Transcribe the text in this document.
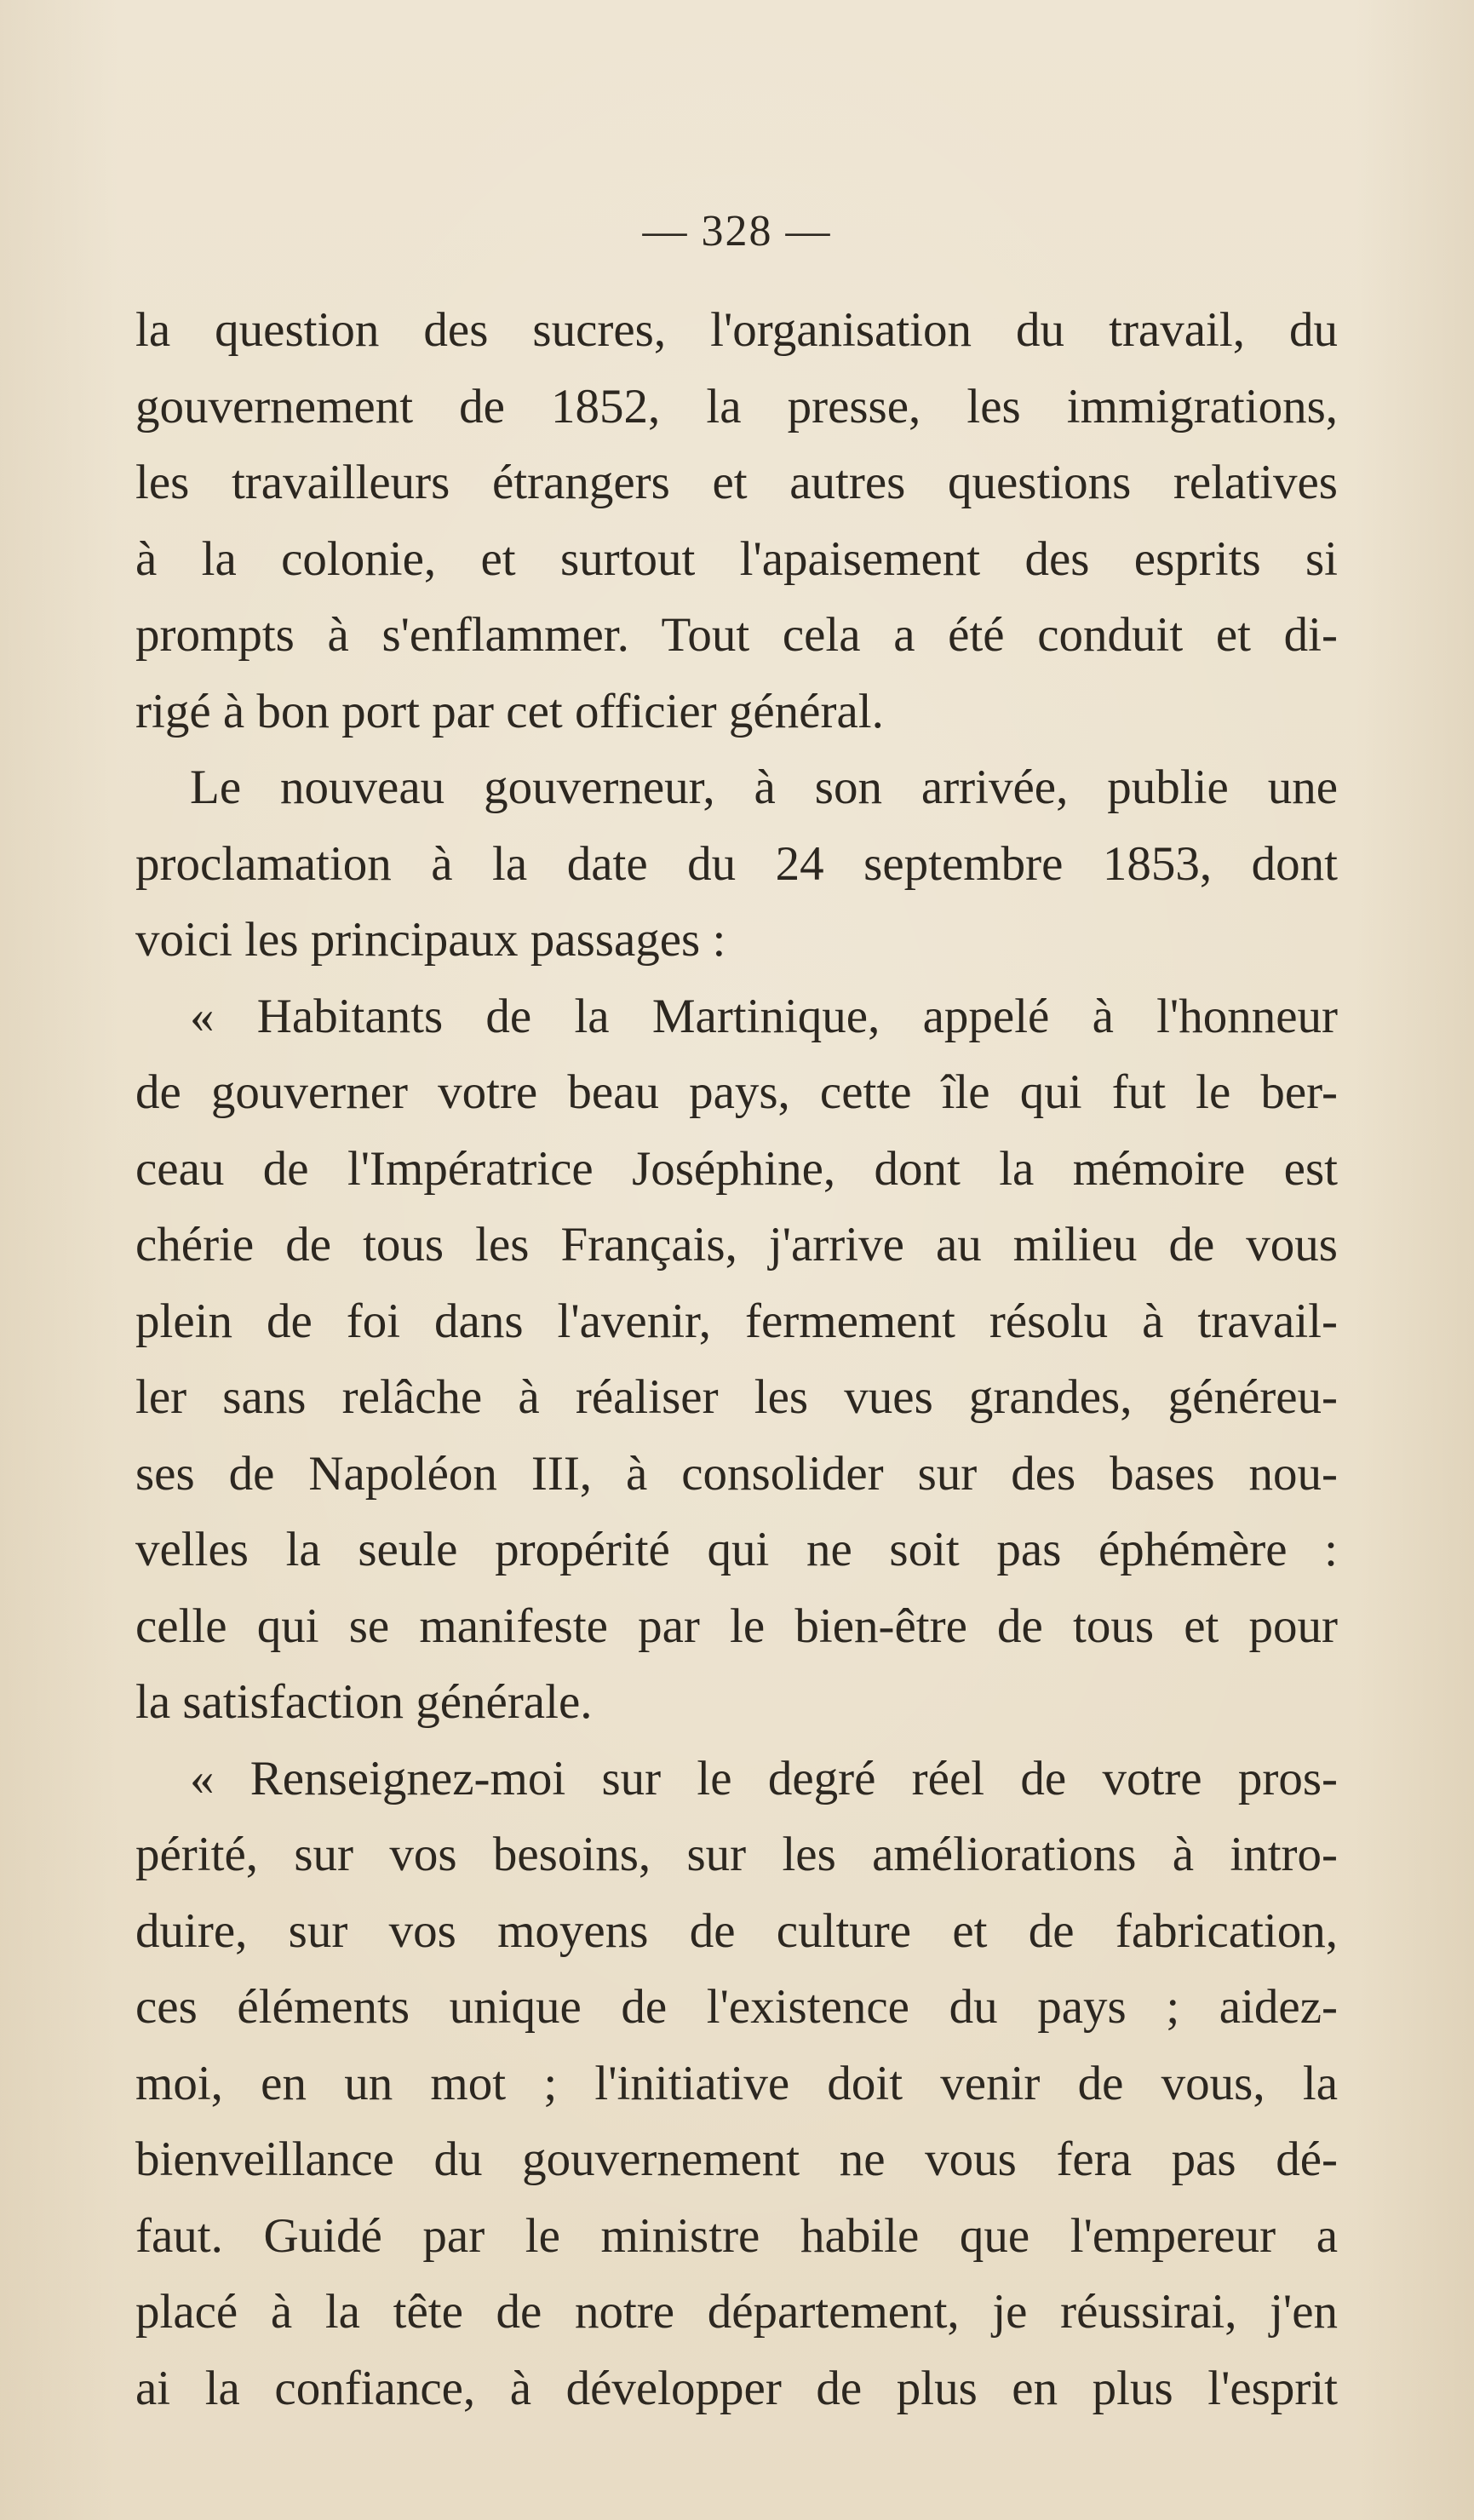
— 328 —
la question des sucres, l'organisation du travail, du
gouvernement de 1852, la presse, les immigrations,
les travailleurs étrangers et autres questions relatives
à la colonie, et surtout l'apaisement des esprits si
prompts à s'enflammer. Tout cela a été conduit et di-
rigé à bon port par cet officier général.
Le nouveau gouverneur, à son arrivée, publie une
proclamation à la date du 24 septembre 1853, dont
voici les principaux passages :
« Habitants de la Martinique, appelé à l'honneur
de gouverner votre beau pays, cette île qui fut le ber-
ceau de l'Impératrice Joséphine, dont la mémoire est
chérie de tous les Français, j'arrive au milieu de vous
plein de foi dans l'avenir, fermement résolu à travail-
ler sans relâche à réaliser les vues grandes, généreu-
ses de Napoléon III, à consolider sur des bases nou-
velles la seule propérité qui ne soit pas éphémère :
celle qui se manifeste par le bien-être de tous et pour
la satisfaction générale.
« Renseignez-moi sur le degré réel de votre pros-
périté, sur vos besoins, sur les améliorations à intro-
duire, sur vos moyens de culture et de fabrication,
ces éléments unique de l'existence du pays ; aidez-
moi, en un mot ; l'initiative doit venir de vous, la
bienveillance du gouvernement ne vous fera pas dé-
faut. Guidé par le ministre habile que l'empereur a
placé à la tête de notre département, je réussirai, j'en
ai la confiance, à développer de plus en plus l'esprit
